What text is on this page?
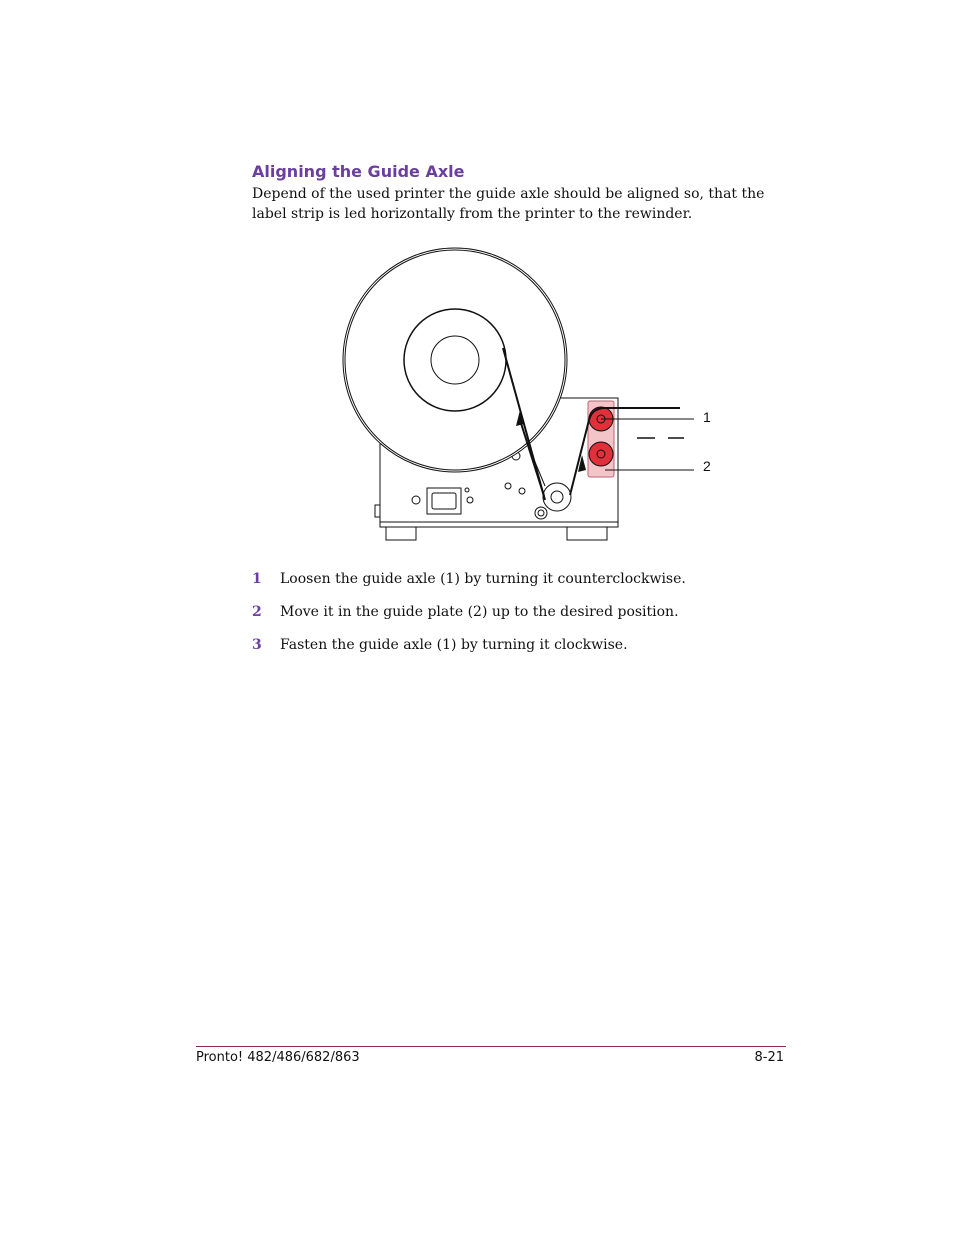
Aligning the Guide Axle

Depend of the used printer the guide axle should be aligned so, that the label strip is led horizontally from the printer to the rewinder.

1
2
1 Loosen the guide axle (1) by turning it counterclockwise.
2 Move it in the guide plate (2) up to the desired position.
3 Fasten the guide axle (1) by turning it clockwise.
Pronto! 482/486/682/863	8-21
